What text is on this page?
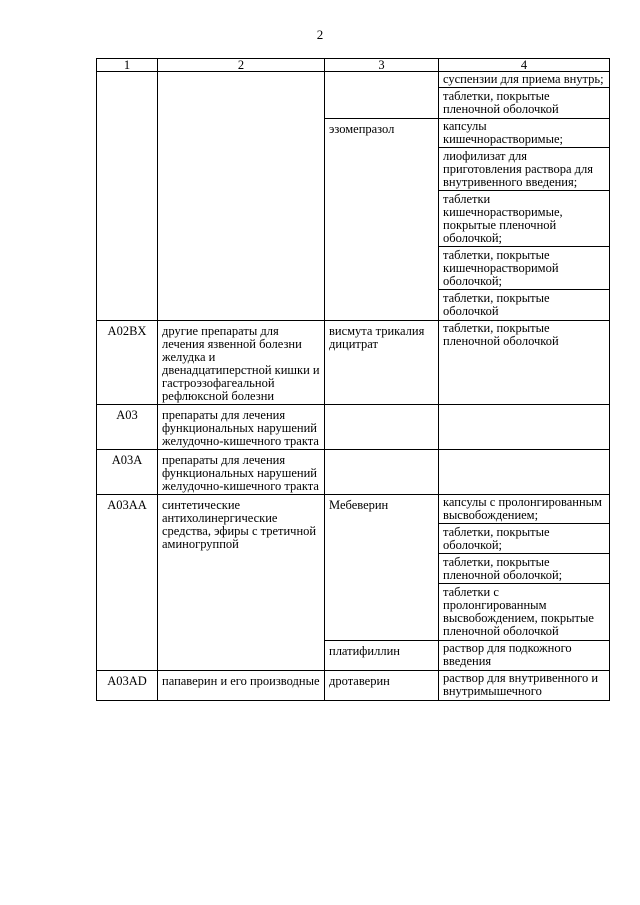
2
1	2	3	4

			суспензии для приема внутрь;
таблетки, покрытые пленочной оболочкой

		эзомепразол	капсулы кишечнорастворимые;
лиофилизат для приготовления раствора для внутривенного введения;
таблетки кишечнорастворимые, покрытые пленочной оболочкой;
таблетки, покрытые кишечнорастворимой оболочкой;
таблетки, покрытые оболочкой

A02BX	другие препараты для лечения язвенной болезни желудка и двенадцатиперстной кишки и гастроэзофагеальной рефлюксной болезни	висмута трикалия дицитрат	таблетки, покрытые пленочной оболочкой

A03	препараты для лечения функциональных нарушений желудочно-кишечного тракта		
A03A	препараты для лечения функциональных нарушений желудочно-кишечного тракта		
A03AA	синтетические антихолинергические средства, эфиры с третичной аминогруппой	Мебеверин	капсулы с пролонгированным высвобождением;
таблетки, покрытые оболочкой;
таблетки, покрытые пленочной оболочкой;
таблетки с пролонгированным высвобождением, покрытые пленочной оболочкой

		платифиллин	раствор для подкожного введения

A03AD	папаверин и его производные	дротаверин	раствор для внутривенного и внутримышечного
